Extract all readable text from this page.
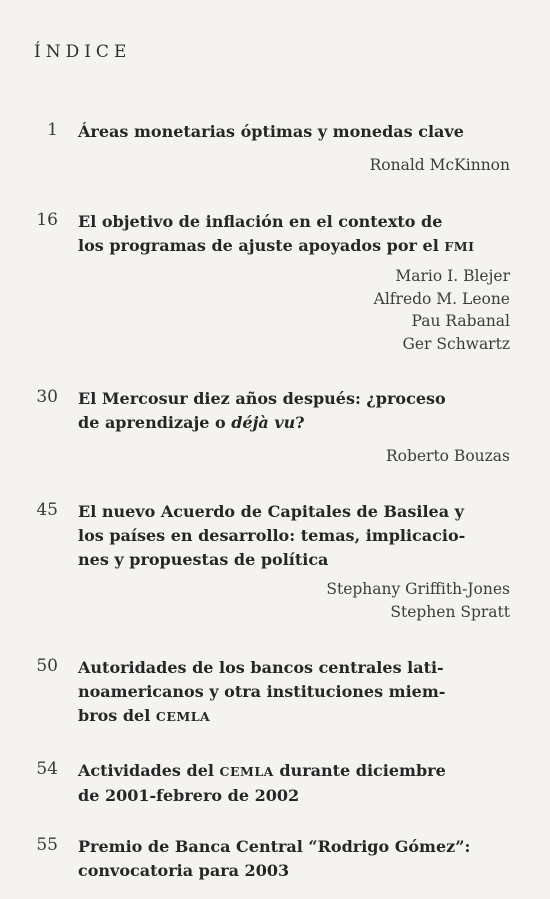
ÍNDICE
1 Áreas monetarias óptimas y monedas clave
Ronald McKinnon
16 El objetivo de inflación en el contexto de
los programas de ajuste apoyados por el FMI
Mario I. Blejer
Alfredo M. Leone
Pau Rabanal
Ger Schwartz
30 El Mercosur diez años después: ¿proceso
de aprendizaje o déjà vu?
Roberto Bouzas
45 El nuevo Acuerdo de Capitales de Basilea y
los países en desarrollo: temas, implicacio-
nes y propuestas de política
Stephany Griffith-Jones
Stephen Spratt
50 Autoridades de los bancos centrales lati-
noamericanos y otra instituciones miem-
bros del CEMLA
54 Actividades del CEMLA durante diciembre
de 2001-febrero de 2002
55 Premio de Banca Central “Rodrigo Gómez”:
convocatoria para 2003
